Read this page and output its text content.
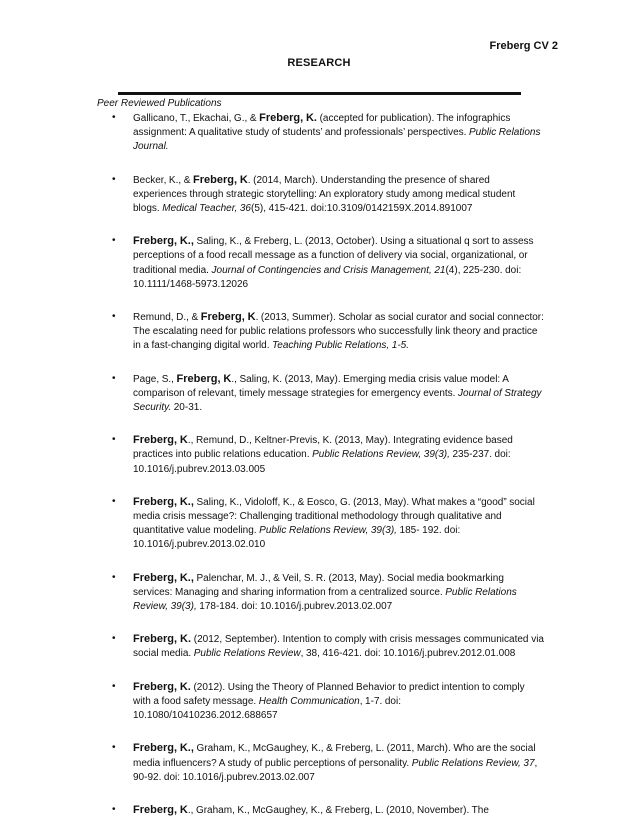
Freberg CV 2
RESEARCH
Peer Reviewed Publications
• Gallicano, T., Ekachai, G., & Freberg, K. (accepted for publication). The infographics assignment: A qualitative study of students’ and professionals’ perspectives. Public Relations Journal.
• Becker, K., & Freberg, K. (2014, March). Understanding the presence of shared experiences through strategic storytelling: An exploratory study among medical student blogs. Medical Teacher, 36(5), 415-421. doi:10.3109/0142159X.2014.891007
• Freberg, K., Saling, K., & Freberg, L. (2013, October). Using a situational q sort to assess perceptions of a food recall message as a function of delivery via social, organizational, or traditional media. Journal of Contingencies and Crisis Management, 21(4), 225-230. doi: 10.1111/1468-5973.12026
• Remund, D., & Freberg, K. (2013, Summer). Scholar as social curator and social connector: The escalating need for public relations professors who successfully link theory and practice in a fast-changing digital world. Teaching Public Relations, 1-5.
• Page, S., Freberg, K., Saling, K. (2013, May). Emerging media crisis value model: A comparison of relevant, timely message strategies for emergency events. Journal of Strategy Security. 20-31.
• Freberg, K., Remund, D., Keltner-Previs, K. (2013, May). Integrating evidence based practices into public relations education. Public Relations Review, 39(3), 235-237. doi: 10.1016/j.pubrev.2013.03.005
• Freberg, K., Saling, K., Vidoloff, K., & Eosco, G. (2013, May). What makes a “good” social media crisis message?: Challenging traditional methodology through qualitative and quantitative value modeling. Public Relations Review, 39(3), 185- 192. doi: 10.1016/j.pubrev.2013.02.010
• Freberg, K., Palenchar, M. J., & Veil, S. R. (2013, May). Social media bookmarking services: Managing and sharing information from a centralized source. Public Relations Review, 39(3), 178-184. doi: 10.1016/j.pubrev.2013.02.007
• Freberg, K. (2012, September). Intention to comply with crisis messages communicated via social media. Public Relations Review, 38, 416-421. doi: 10.1016/j.pubrev.2012.01.008
• Freberg, K. (2012). Using the Theory of Planned Behavior to predict intention to comply with a food safety message. Health Communication, 1-7. doi: 10.1080/10410236.2012.688657
• Freberg, K., Graham, K., McGaughey, K., & Freberg, L. (2011, March). Who are the social media influencers? A study of public perceptions of personality. Public Relations Review, 37, 90-92. doi: 10.1016/j.pubrev.2013.02.007
• Freberg, K., Graham, K., McGaughey, K., & Freberg, L. (2010, November). The
